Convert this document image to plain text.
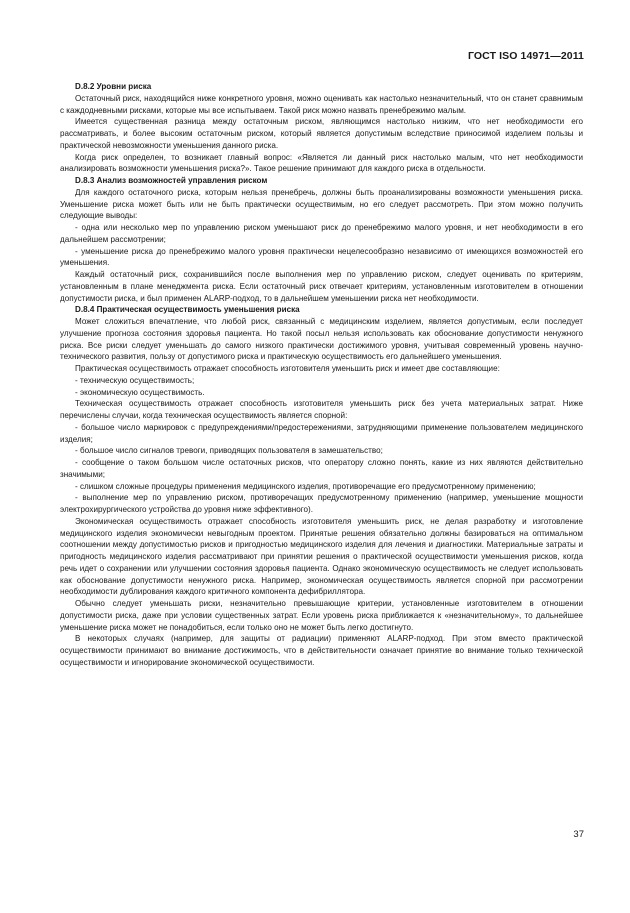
ГОСТ ISO 14971—2011
D.8.2 Уровни риска

Остаточный риск, находящийся ниже конкретного уровня, можно оценивать как настолько незначительный, что он станет сравнимым с каждодневными рисками, которые мы все испытываем. Такой риск можно назвать пренебрежимо малым.

Имеется существенная разница между остаточным риском, являющимся настолько низким, что нет необходимости его рассматривать, и более высоким остаточным риском, который является допустимым вследствие приносимой изделием пользы и практической невозможности уменьшения данного риска.

Когда риск определен, то возникает главный вопрос: «Является ли данный риск настолько малым, что нет необходимости анализировать возможности уменьшения риска?». Такое решение принимают для каждого риска в отдельности.

D.8.3 Анализ возможностей управления риском

Для каждого остаточного риска, которым нельзя пренебречь, должны быть проанализированы возможности уменьшения риска. Уменьшение риска может быть или не быть практически осуществимым, но его следует рассмотреть. При этом можно получить следующие выводы:

- одна или несколько мер по управлению риском уменьшают риск до пренебрежимо малого уровня, и нет необходимости в его дальнейшем рассмотрении;

- уменьшение риска до пренебрежимо малого уровня практически нецелесообразно независимо от имеющихся возможностей его уменьшения.

Каждый остаточный риск, сохранившийся после выполнения мер по управлению риском, следует оценивать по критериям, установленным в плане менеджмента риска. Если остаточный риск отвечает критериям, установленным изготовителем в отношении допустимости риска, и был применен ALARP-подход, то в дальнейшем уменьшении риска нет необходимости.

D.8.4 Практическая осуществимость уменьшения риска

Может сложиться впечатление, что любой риск, связанный с медицинским изделием, является допустимым, если последует улучшение прогноза состояния здоровья пациента. Но такой посыл нельзя использовать как обоснование допустимости ненужного риска. Все риски следует уменьшать до самого низкого практически достижимого уровня, учитывая современный уровень научно-технического развития, пользу от допустимого риска и практическую осуществимость его дальнейшего уменьшения.

Практическая осуществимость отражает способность изготовителя уменьшить риск и имеет две составляющие:

- техническую осуществимость;

- экономическую осуществимость.

Техническая осуществимость отражает способность изготовителя уменьшить риск без учета материальных затрат. Ниже перечислены случаи, когда техническая осуществимость является спорной:

- большое число маркировок с предупреждениями/предостережениями, затрудняющими применение пользователем медицинского изделия;

- большое число сигналов тревоги, приводящих пользователя в замешательство;

- сообщение о таком большом числе остаточных рисков, что оператору сложно понять, какие из них являются действительно значимыми;

- слишком сложные процедуры применения медицинского изделия, противоречащие его предусмотренному применению;

- выполнение мер по управлению риском, противоречащих предусмотренному применению (например, уменьшение мощности электрохирургического устройства до уровня ниже эффективного).

Экономическая осуществимость отражает способность изготовителя уменьшить риск, не делая разработку и изготовление медицинского изделия экономически невыгодным проектом. Принятые решения обязательно должны базироваться на оптимальном соотношении между допустимостью рисков и пригодностью медицинского изделия для лечения и диагностики. Материальные затраты и пригодность медицинского изделия рассматривают при принятии решения о практической осуществимости уменьшения рисков, когда речь идет о сохранении или улучшении состояния здоровья пациента. Однако экономическую осуществимость не следует использовать как обоснование допустимости ненужного риска. Например, экономическая осуществимость является спорной при рассмотрении необходимости дублирования каждого критичного компонента дефибриллятора.

Обычно следует уменьшать риски, незначительно превышающие критерии, установленные изготовителем в отношении допустимости риска, даже при условии существенных затрат. Если уровень риска приближается к «незначительному», то дальнейшее уменьшение риска может не понадобиться, если только оно не может быть легко достигнуто.

В некоторых случаях (например, для защиты от радиации) применяют ALARP-подход. При этом вместо практической осуществимости принимают во внимание достижимость, что в действительности означает принятие во внимание только технической осуществимости и игнорирование экономической осуществимости.

37
